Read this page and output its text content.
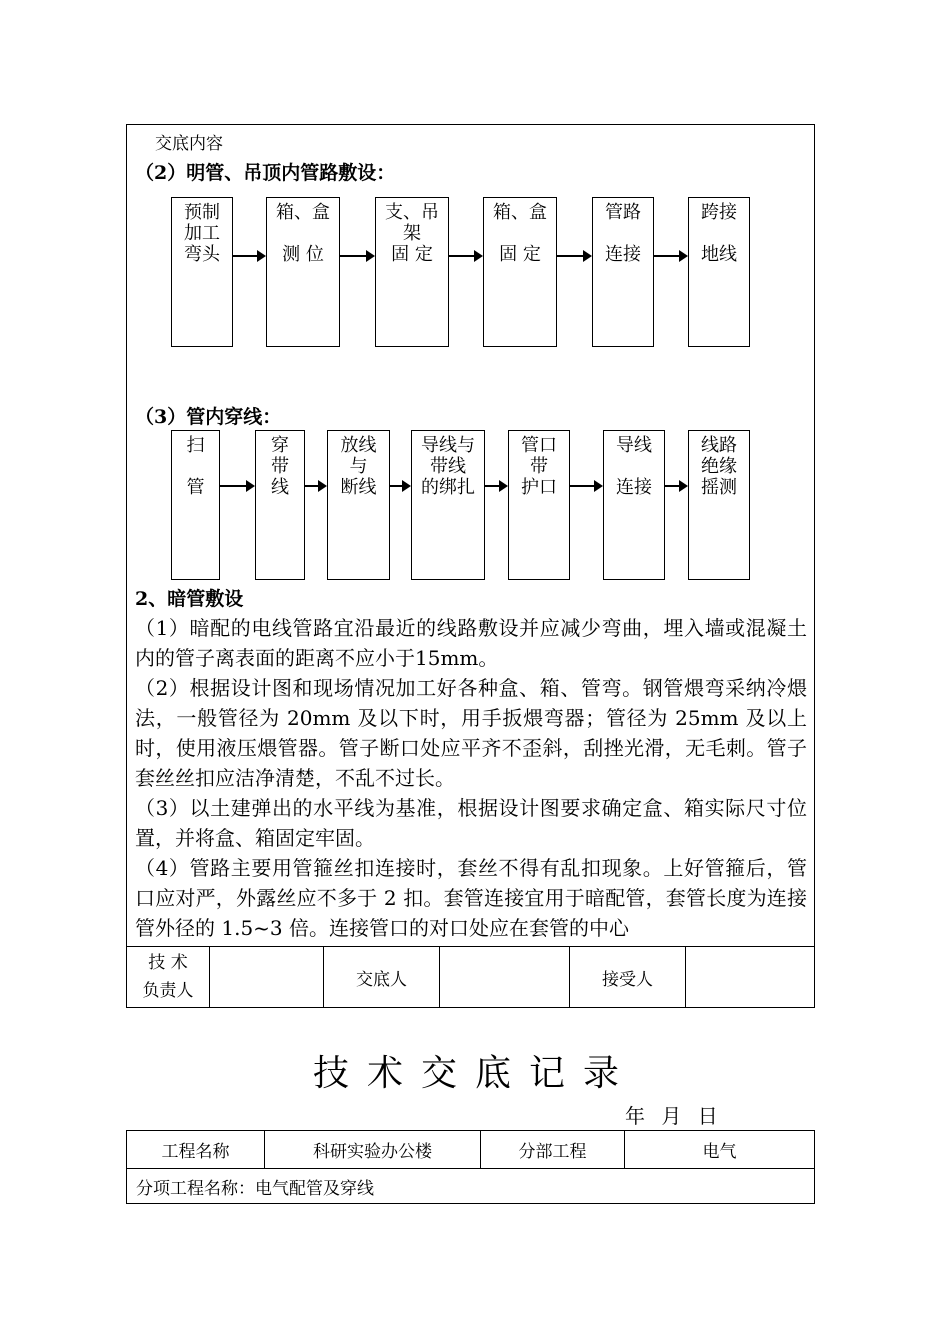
交底内容
（2）明管、吊顶内管路敷设：
预制
加工
弯头
箱、盒

测 位
支、吊
架
固 定
箱、盒

固 定
管路

连接
跨接

地线
（3）管内穿线：
扫

管
穿
带
线
放线
与
断线
导线与
带线
的绑扎
管口
带
护口
导线

连接
线路
绝缘
摇测
2、暗管敷设

（1）暗配的电线管路宜沿最近的线路敷设并应减少弯曲，埋入墙或混凝土内的管子离表面的距离不应小于15mm。

（2）根据设计图和现场情况加工好各种盒、箱、管弯。钢管煨弯采纳冷煨法，一般管径为 20mm 及以下时，用手扳煨弯器；管径为 25mm 及以上时，使用液压煨管器。管子断口处应平齐不歪斜，刮挫光滑，无毛刺。管子套丝丝扣应洁净清楚，不乱不过长。

（3）以土建弹出的水平线为基准，根据设计图要求确定盒、箱实际尺寸位置，并将盒、箱固定牢固。

（4）管路主要用管箍丝扣连接时，套丝不得有乱扣现象。上好管箍后，管口应对严，外露丝应不多于 2 扣。套管连接宜用于暗配管，套管长度为连接管外径的 1.5~3 倍。连接管口的对口处应在套管的中心

技 术
负责人
		交底人		接受人	
技术交底记录
年 月 日
工程名称	科研实验办公楼	分部工程	电气
分项工程名称：电气配管及穿线
